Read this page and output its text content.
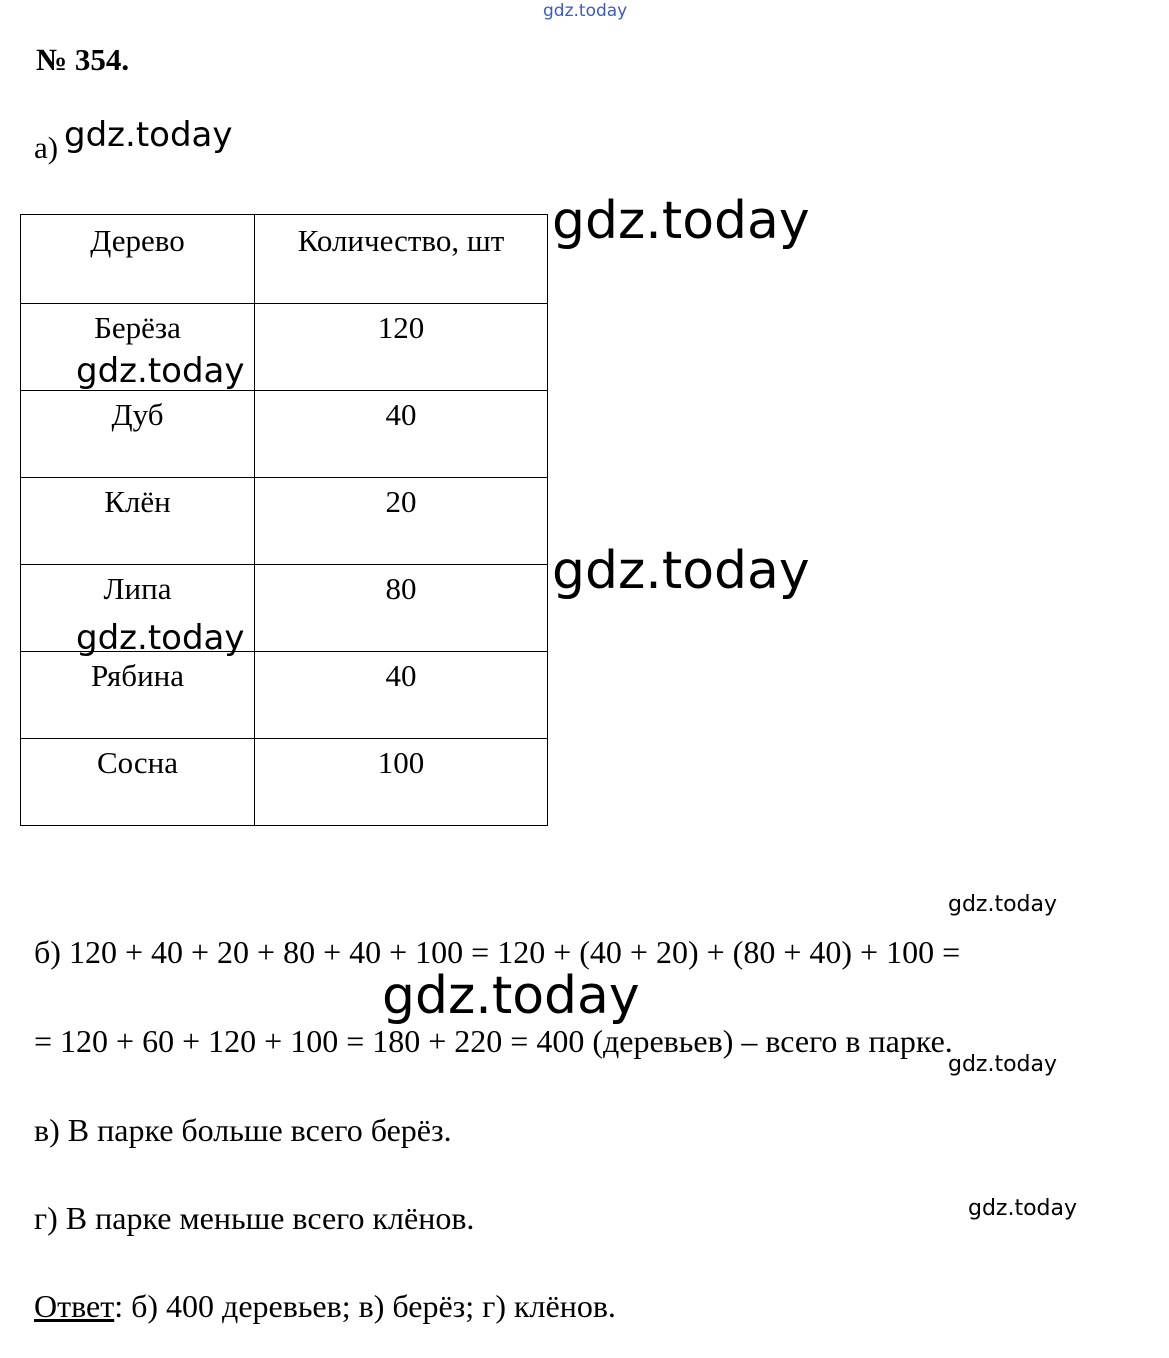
gdz.today
№ 354.
а) gdz.today
Дерево	Количество, шт
Берёза	120
Дуб	40
Клён	20
Липа	80
Рябина	40
Сосна	100
gdz.today
gdz.today
gdz.today
gdz.today
gdz.today
б) 120 + 40 + 20 + 80 + 40 + 100 = 120 + (40 + 20) + (80 + 40) + 100 =
gdz.today
= 120 + 60 + 120 + 100 = 180 + 220 = 400 (деревьев) – всего в парке.
gdz.today
в) В парке больше всего берёз.
г) В парке меньше всего клёнов.	gdz.today
Ответ: б) 400 деревьев; в) берёз; г) клёнов.
